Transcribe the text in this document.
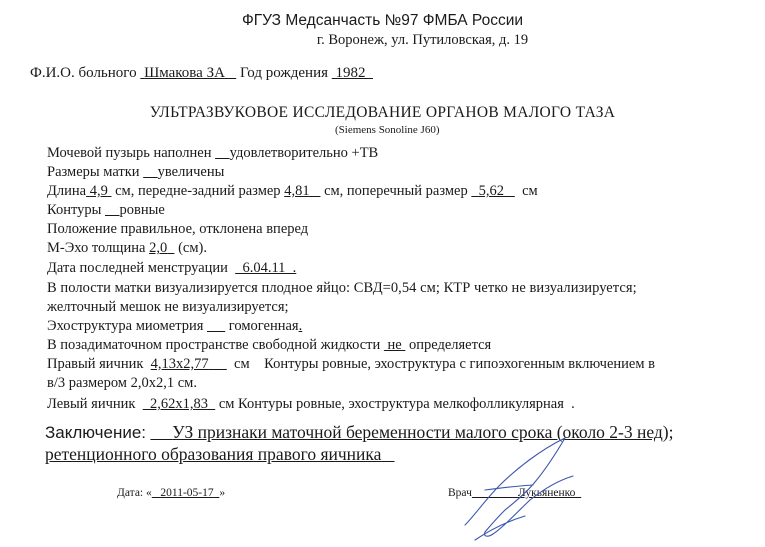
ФГУЗ Медсанчасть №97 ФМБА России
г. Воронеж, ул. Путиловская, д. 19
Ф.И.О. больного Шмакова ЗА Год рождения 1982
УЛЬТРАЗВУКОВОЕ ИССЛЕДОВАНИЕ ОРГАНОВ МАЛОГО ТАЗА
(Siemens Sonoline J60)
Мочевой пузырь наполнен удовлетворительно +ТВ
Размеры матки увеличены
Длина 4,9 см, передне-задний размер 4,81 см, поперечный размер 5,62 см
Контуры ровные
Положение правильное, отклонена вперед
М-Эхо толщина 2,0 (см).
Дата последней менструации 6.04.11  .
В полости матки визуализируется плодное яйцо: СВД=0,54 см; КТР четко не визуализируется;
желточный мешок не визуализируется;
Эхоструктура миометрия гомогенная.
В позадиматочном пространстве свободной жидкости не определяется
Правый яичник 4,13х2,77 см Контуры ровные, эхоструктура с гипоэхогенным включением в
в/3 размером 2,0х2,1 см.
Левый яичник 2,62х1,83 см Контуры ровные, эхоструктура мелкофолликулярная  .
Заключение: УЗ признаки маточной беременности малого срока (около 2-3 нед);
ретенционного образования правого яичника
Дата: « 2011-05-17 »	Врач	Лукьяненко
